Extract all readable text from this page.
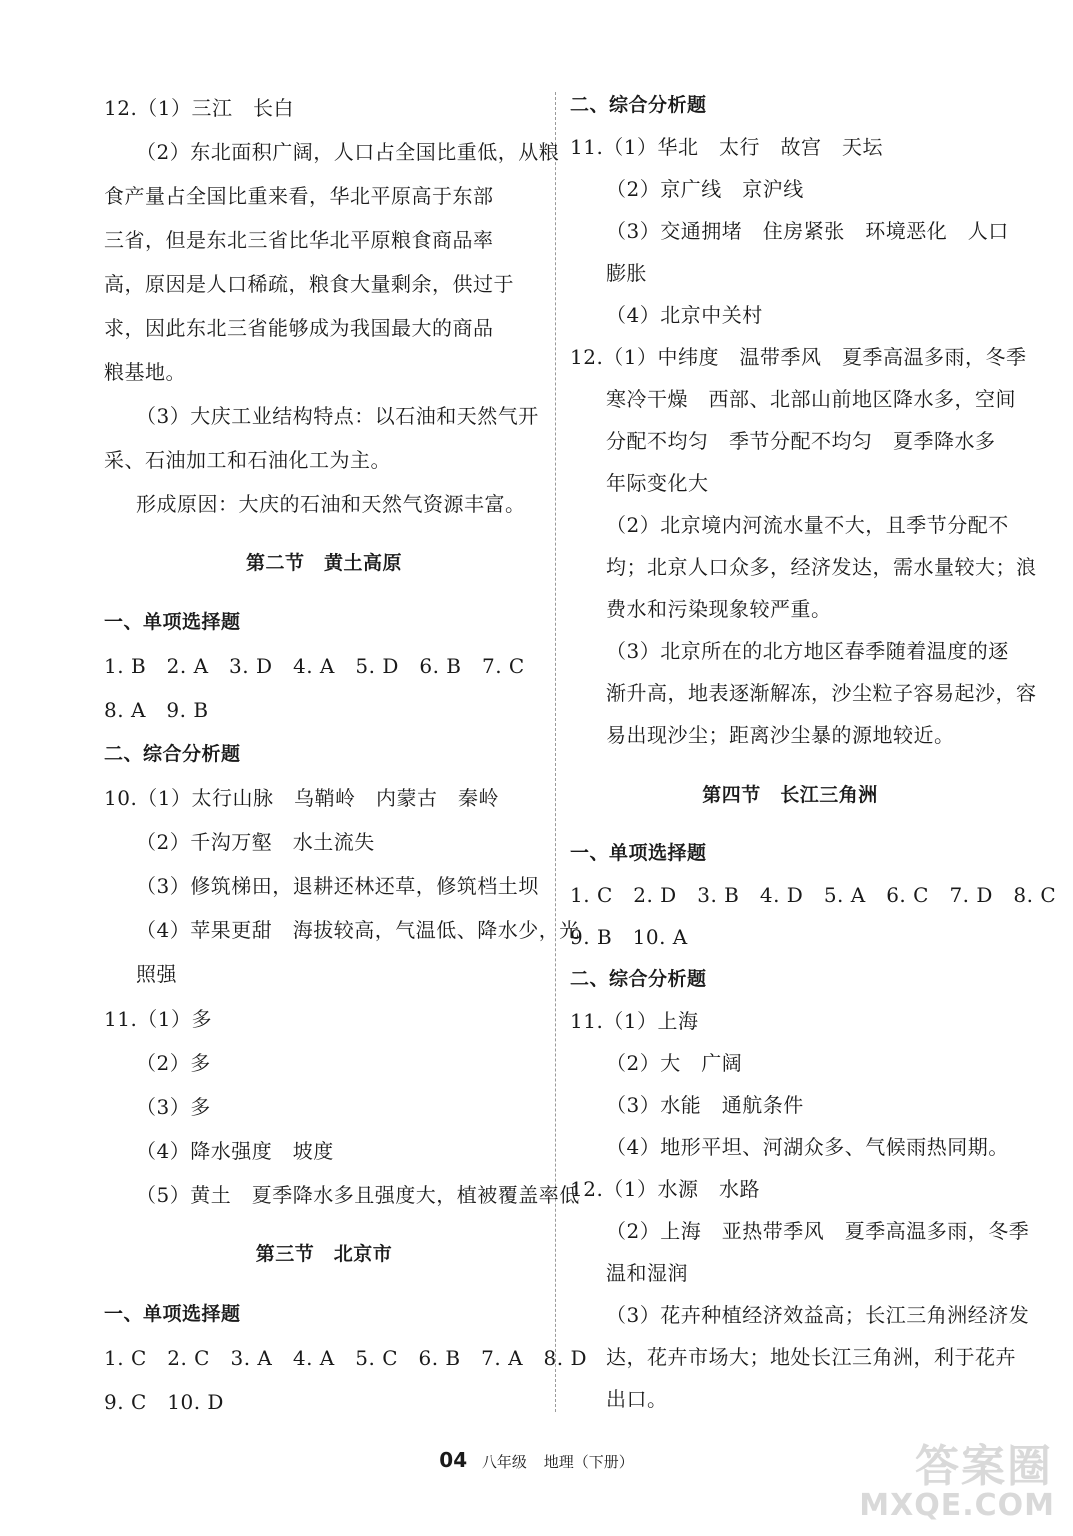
12.（1）三江　长白
（2）东北面积广阔，人口占全国比重低，从粮
食产量占全国比重来看，华北平原高于东部
三省，但是东北三省比华北平原粮食商品率
高，原因是人口稀疏，粮食大量剩余，供过于
求，因此东北三省能够成为我国最大的商品
粮基地。
（3）大庆工业结构特点：以石油和天然气开
采、石油加工和石油化工为主。
形成原因：大庆的石油和天然气资源丰富。
第二节　黄土高原
一、单项选择题
1. B　2. A　3. D　4. A　5. D　6. B　7. C
8. A　9. B
二、综合分析题
10.（1）太行山脉　乌鞘岭　内蒙古　秦岭
（2）千沟万壑　水土流失
（3）修筑梯田，退耕还林还草，修筑档土坝
（4）苹果更甜　海拔较高，气温低、降水少，光
照强
11.（1）多
（2）多
（3）多
（4）降水强度　坡度
（5）黄土　夏季降水多且强度大，植被覆盖率低
第三节　北京市
一、单项选择题
1. C　2. C　3. A　4. A　5. C　6. B　7. A　8. D
9. C　10. D
二、综合分析题
11.（1）华北　太行　故宫　天坛
（2）京广线　京沪线
（3）交通拥堵　住房紧张　环境恶化　人口
膨胀
（4）北京中关村
12.（1）中纬度　温带季风　夏季高温多雨，冬季
寒冷干燥　西部、北部山前地区降水多，空间
分配不均匀　季节分配不均匀　夏季降水多
年际变化大
（2）北京境内河流水量不大，且季节分配不
均；北京人口众多，经济发达，需水量较大；浪
费水和污染现象较严重。
（3）北京所在的北方地区春季随着温度的逐
渐升高，地表逐渐解冻，沙尘粒子容易起沙，容
易出现沙尘；距离沙尘暴的源地较近。
第四节　长江三角洲
一、单项选择题
1. C　2. D　3. B　4. D　5. A　6. C　7. D　8. C
9. B　10. A
二、综合分析题
11.（1）上海
（2）大　广阔
（3）水能　通航条件
（4）地形平坦、河湖众多、气候雨热同期。
12.（1）水源　水路
（2）上海　亚热带季风　夏季高温多雨，冬季
温和湿润
（3）花卉种植经济效益高；长江三角洲经济发
达，花卉市场大；地处长江三角洲，利于花卉
出口。
04 八年级 地理（下册）	答案圈
MXQE.COM
